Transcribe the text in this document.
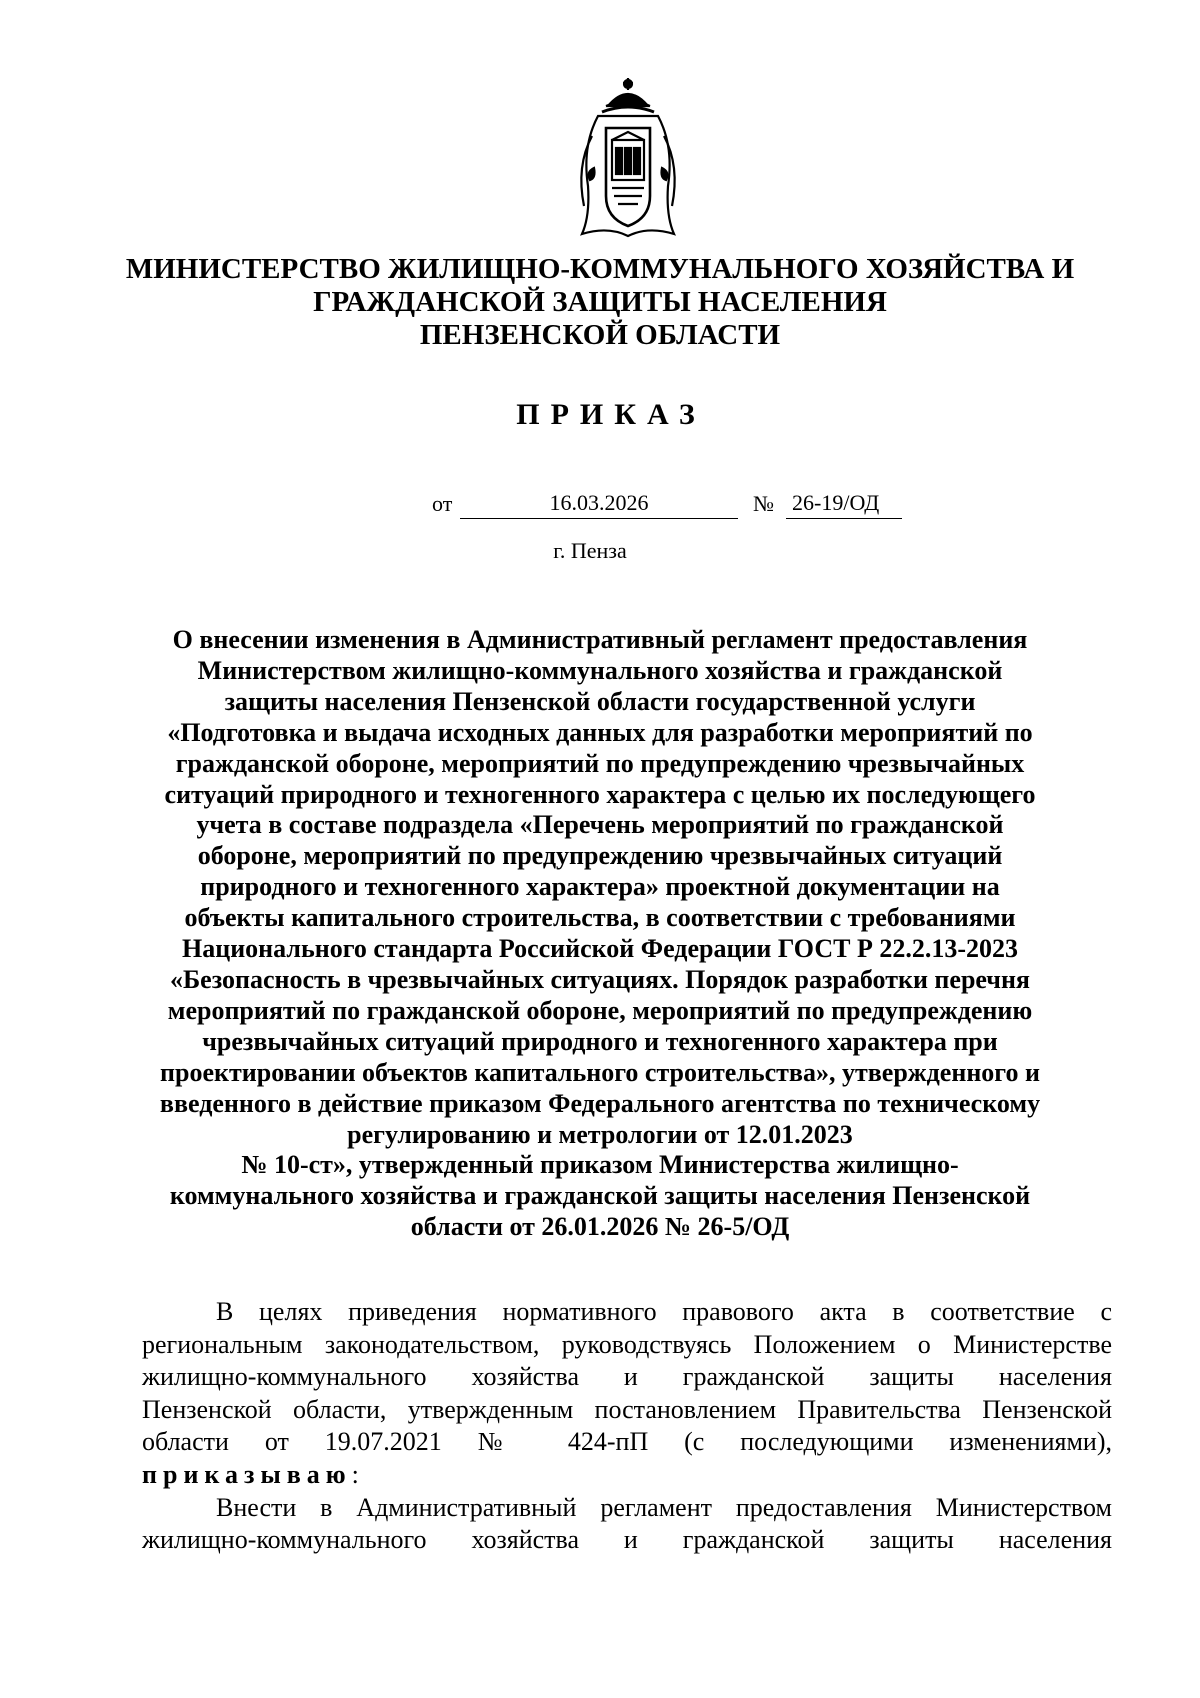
МИНИСТЕРСТВО ЖИЛИЩНО-КОММУНАЛЬНОГО ХОЗЯЙСТВА И
ГРАЖДАНСКОЙ ЗАЩИТЫ НАСЕЛЕНИЯ
ПЕНЗЕНСКОЙ ОБЛАСТИ
ПРИКАЗ
от	16.03.2026	№ 26-19/ОД
г. Пенза
О внесении изменения в Административный регламент предоставления
Министерством жилищно-коммунального хозяйства и гражданской
защиты населения Пензенской области государственной услуги
«Подготовка и выдача исходных данных для разработки мероприятий по
гражданской обороне, мероприятий по предупреждению чрезвычайных
ситуаций природного и техногенного характера с целью их последующего
учета в составе подраздела «Перечень мероприятий по гражданской
обороне, мероприятий по предупреждению чрезвычайных ситуаций
природного и техногенного характера» проектной документации на
объекты капитального строительства, в соответствии с требованиями
Национального стандарта Российской Федерации ГОСТ Р 22.2.13-2023
«Безопасность в чрезвычайных ситуациях. Порядок разработки перечня
мероприятий по гражданской обороне, мероприятий по предупреждению
чрезвычайных ситуаций природного и техногенного характера при
проектировании объектов капитального строительства», утвержденного и
введенного в действие приказом Федерального агентства по техническому
регулированию и метрологии от 12.01.2023
№ 10-ст», утвержденный приказом Министерства жилищно-
коммунального хозяйства и гражданской защиты населения Пензенской
области от 26.01.2026 № 26-5/ОД
В целях приведения нормативного правового акта в соответствие с
региональным законодательством, руководствуясь Положением о Министерстве
жилищно-коммунального хозяйства и гражданской защиты населения
Пензенской области, утвержденным постановлением Правительства Пензенской
области от 19.07.2021 № 424-пП (с последующими изменениями),
приказываю:
Внести в Административный регламент предоставления Министерством
жилищно-коммунального хозяйства и гражданской защиты населения
